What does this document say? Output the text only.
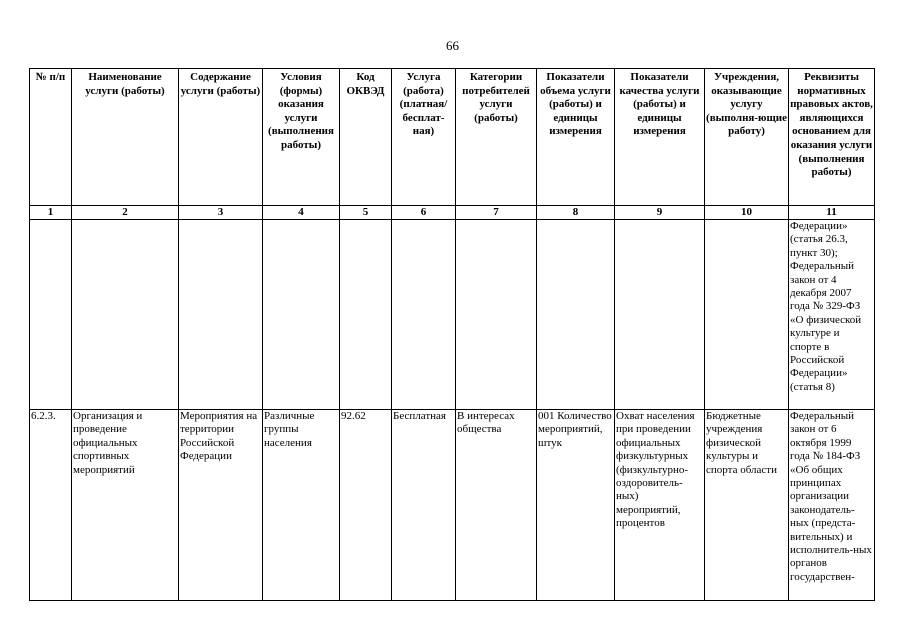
66
№ п/п	Наименование услуги (работы)	Содержание услуги (работы)	Условия (формы) оказания услуги (выполнения работы)	Код ОКВЭД	Услуга (работа) (платная/ бесплат-ная)	Категории потребителей услуги (работы)	Показатели объема услуги (работы) и единицы измерения	Показатели качества услуги (работы) и единицы измерения	Учреждения, оказывающие услугу (выполня-ющие работу)	Реквизиты нормативных правовых актов, являющихся основанием для оказания услуги (выполнения работы)
1	2	3	4	5	6	7	8	9	10	11
										Федерации» (статья 26.3, пункт 30); Федеральный закон от 4 декабря 2007 года № 329-ФЗ «О физической культуре и спорте в Российской Федерации» (статья 8)
6.2.3.	Организация и проведение официальных спортивных мероприятий	Мероприятия на территории Российской Федерации	Различные группы населения	92.62	Бесплатная	В интересах общества	001 Количество мероприятий, штук	Охват населения при проведении официальных физкультурных (физкультурно-оздоровитель-ных) мероприятий, процентов	Бюджетные учреждения физической культуры и спорта области	Федеральный закон от 6 октября 1999 года № 184-ФЗ «Об общих принципах организации законодатель-ных (предста-вительных) и исполнитель-ных органов государствен-
